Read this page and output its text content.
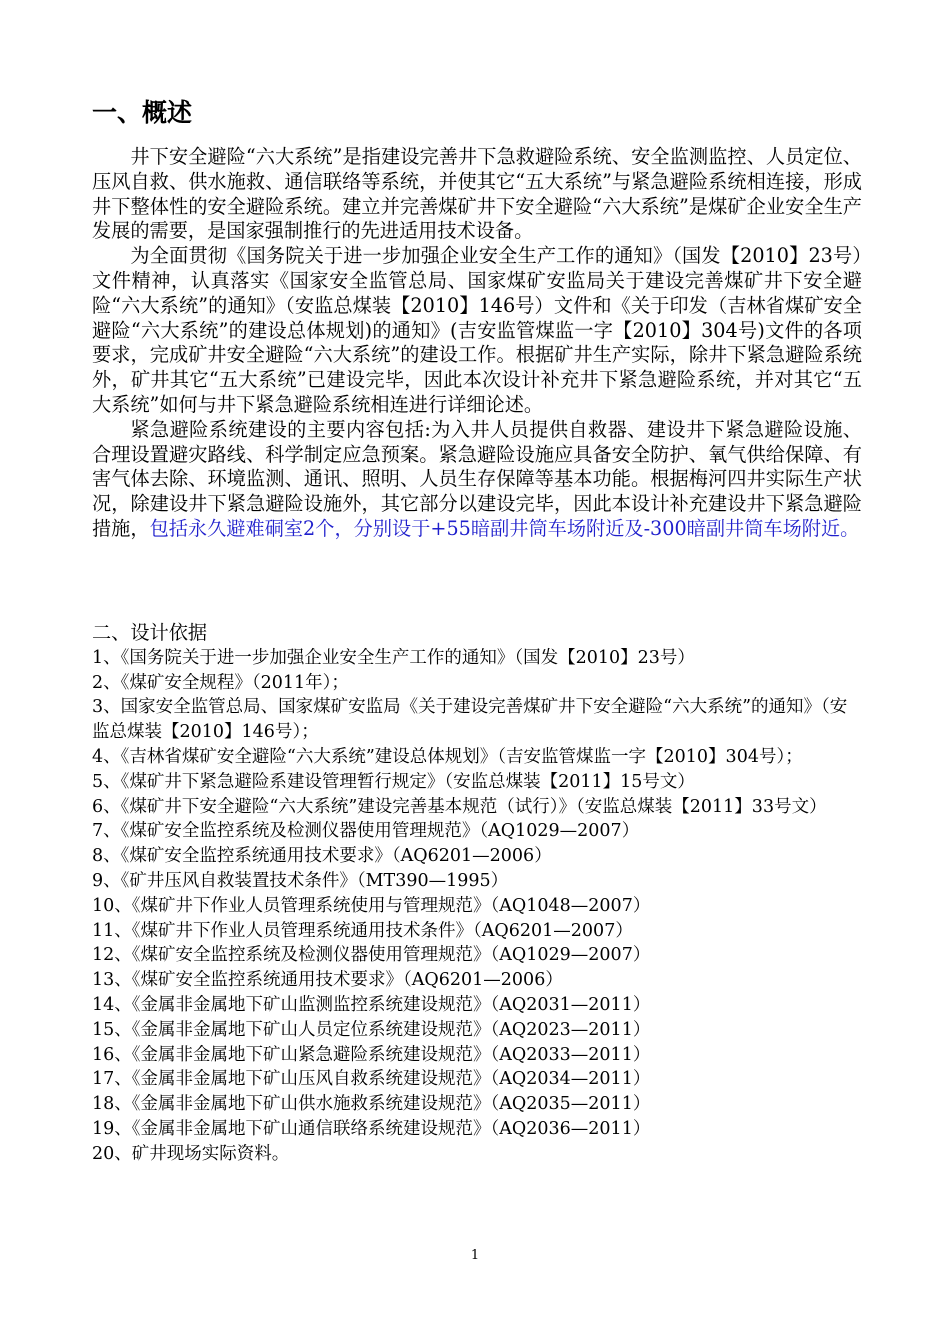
一、概述

井下安全避险“六大系统”是指建设完善井下急救避险系统、安全监测监控、人员定位、压风自救、供水施救、通信联络等系统，并使其它“五大系统”与紧急避险系统相连接，形成井下整体性的安全避险系统。建立并完善煤矿井下安全避险“六大系统”是煤矿企业安全生产发展的需要，是国家强制推行的先进适用技术设备。

为全面贯彻《国务院关于进一步加强企业安全生产工作的通知》（国发【2010】23号）文件精神，认真落实《国家安全监管总局、国家煤矿安监局关于建设完善煤矿井下安全避险“六大系统”的通知》（安监总煤装【2010】146号）文件和《关于印发（吉林省煤矿安全避险“六大系统”的建设总体规划)的通知》(吉安监管煤监一字【2010】304号)文件的各项要求，完成矿井安全避险“六大系统”的建设工作。根据矿井生产实际，除井下紧急避险系统外，矿井其它“五大系统”已建设完毕，因此本次设计补充井下紧急避险系统，并对其它“五大系统”如何与井下紧急避险系统相连进行详细论述。

紧急避险系统建设的主要内容包括:为入井人员提供自救器、建设井下紧急避险设施、合理设置避灾路线、科学制定应急预案。紧急避险设施应具备安全防护、氧气供给保障、有害气体去除、环境监测、通讯、照明、人员生存保障等基本功能。根据梅河四井实际生产状况，除建设井下紧急避险设施外，其它部分以建设完毕，因此本设计补充建设井下紧急避险措施，包括永久避难硐室2个，分别设于+55暗副井筒车场附近及-300暗副井筒车场附近。

二、设计依据
1、《国务院关于进一步加强企业安全生产工作的通知》（国发【2010】23号）
2、《煤矿安全规程》（2011年）；
3、国家安全监管总局、国家煤矿安监局《关于建设完善煤矿井下安全避险“六大系统”的通知》（安监总煤装【2010】146号）；
4、《吉林省煤矿安全避险“六大系统”建设总体规划》（吉安监管煤监一字【2010】304号）；
5、《煤矿井下紧急避险系建设管理暂行规定》（安监总煤装【2011】15号文）
6、《煤矿井下安全避险“六大系统”建设完善基本规范（试行）》（安监总煤装【2011】33号文）
7、《煤矿安全监控系统及检测仪器使用管理规范》（AQ1029—2007）
8、《煤矿安全监控系统通用技术要求》（AQ6201—2006）
9、《矿井压风自救装置技术条件》（MT390—1995）
10、《煤矿井下作业人员管理系统使用与管理规范》（AQ1048—2007）
11、《煤矿井下作业人员管理系统通用技术条件》（AQ6201—2007）
12、《煤矿安全监控系统及检测仪器使用管理规范》（AQ1029—2007）
13、《煤矿安全监控系统通用技术要求》（AQ6201—2006）
14、《金属非金属地下矿山监测监控系统建设规范》（AQ2031—2011）
15、《金属非金属地下矿山人员定位系统建设规范》（AQ2023—2011）
16、《金属非金属地下矿山紧急避险系统建设规范》（AQ2033—2011）
17、《金属非金属地下矿山压风自救系统建设规范》（AQ2034—2011）
18、《金属非金属地下矿山供水施救系统建设规范》（AQ2035—2011）
19、《金属非金属地下矿山通信联络系统建设规范》（AQ2036—2011）
20、矿井现场实际资料。
1
